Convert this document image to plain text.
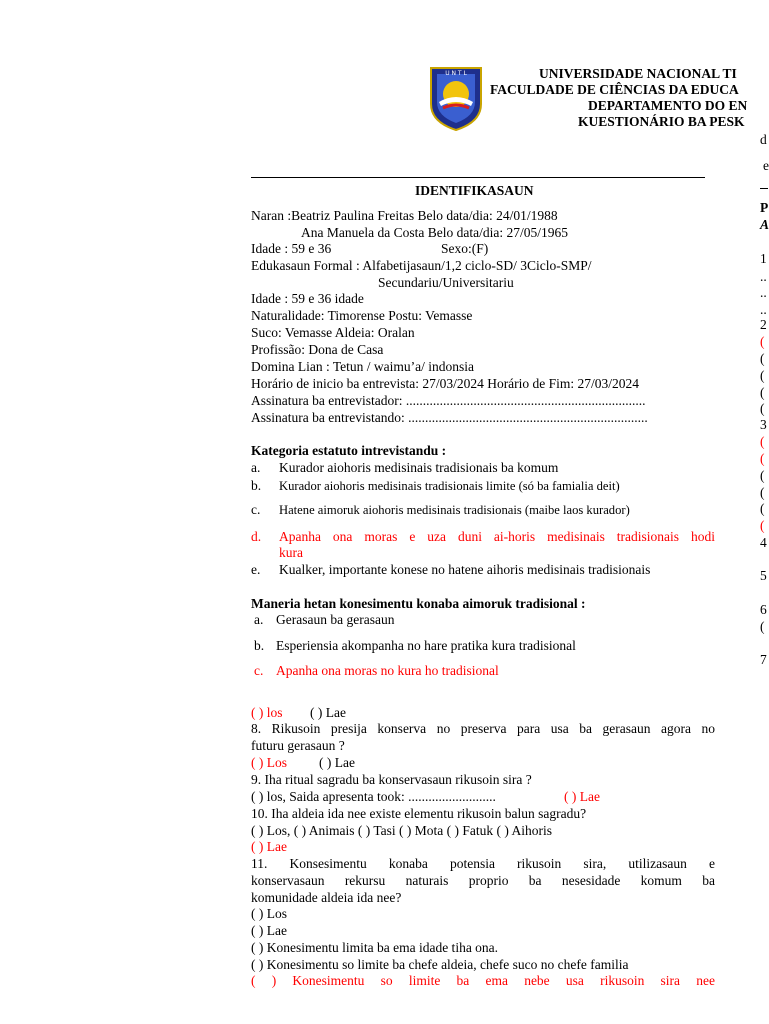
U N T L	UNIVERSIDADE NACIONAL TI
FACULDADE DE CIÊNCIAS DA EDUCA
DEPARTAMENTO DO EN
KUESTIONÁRIO BA PESK
d
e
P
A
1
..
..
..
2
(
(
(
(
(
3
(
(
(
(
(
(
4
5
6
(
7
IDENTIFIKASAUN
Naran :Beatriz Paulina Freitas Belo data/dia: 24/01/1988
Ana Manuela da Costa Belo data/dia: 27/05/1965
Idade : 59 e 36	Sexo:(F)
Edukasaun Formal : Alfabetijasaun/1,2 ciclo-SD/ 3Ciclo-SMP/
Secundariu/Universitariu
Idade : 59 e 36 idade
Naturalidade: Timorense Postu: Vemasse
Suco: Vemasse Aldeia: Oralan
Profissão: Dona de Casa
Domina Lian : Tetun / waimu’a/ indonsia
Horário de inicio ba entrevista: 27/03/2024 Horário de Fim: 27/03/2024
Assinatura ba entrevistador: .......................................................................
Assinatura ba entrevistando: .......................................................................
Kategoria estatuto intrevistandu :
a. Kurador aiohoris medisinais tradisionais ba komum
b. Kurador aiohoris medisinais tradisionais limite (só ba famialia deit)
c. Hatene aimoruk aiohoris medisinais tradisionais (maibe laos kurador)
d. Apanha ona moras e uza duni ai-horis medisinais tradisionais hodi
kura
e. Kualker, importante konese no hatene aihoris medisinais tradisionais
Maneria hetan konesimentu konaba aimoruk tradisional :
a. Gerasaun ba gerasaun
b. Esperiensia akompanha no hare pratika kura tradisional
c. Apanha ona moras no kura ho tradisional
( ) los ( ) Lae
8. Rikusoin presija konserva no preserva para usa ba gerasaun agora no
futuru gerasaun ?
( ) Los ( ) Lae
9. Iha ritual sagradu ba konservasaun rikusoin sira ?
( ) los, Saida apresenta took: ..........................	( ) Lae
10. Iha aldeia ida nee existe elementu rikusoin balun sagradu?
( ) Los, ( ) Animais ( ) Tasi ( ) Mota ( ) Fatuk ( ) Aihoris
( ) Lae
11. Konsesimentu konaba potensia rikusoin sira, utilizasaun e
konservasaun rekursu naturais proprio ba nesesidade komum ba
komunidade aldeia ida nee?
( ) Los
( ) Lae
( ) Konesimentu limita ba ema idade tiha ona.
( ) Konesimentu so limite ba chefe aldeia, chefe suco no chefe familia
( ) Konesimentu so limite ba ema nebe usa rikusoin sira nee
